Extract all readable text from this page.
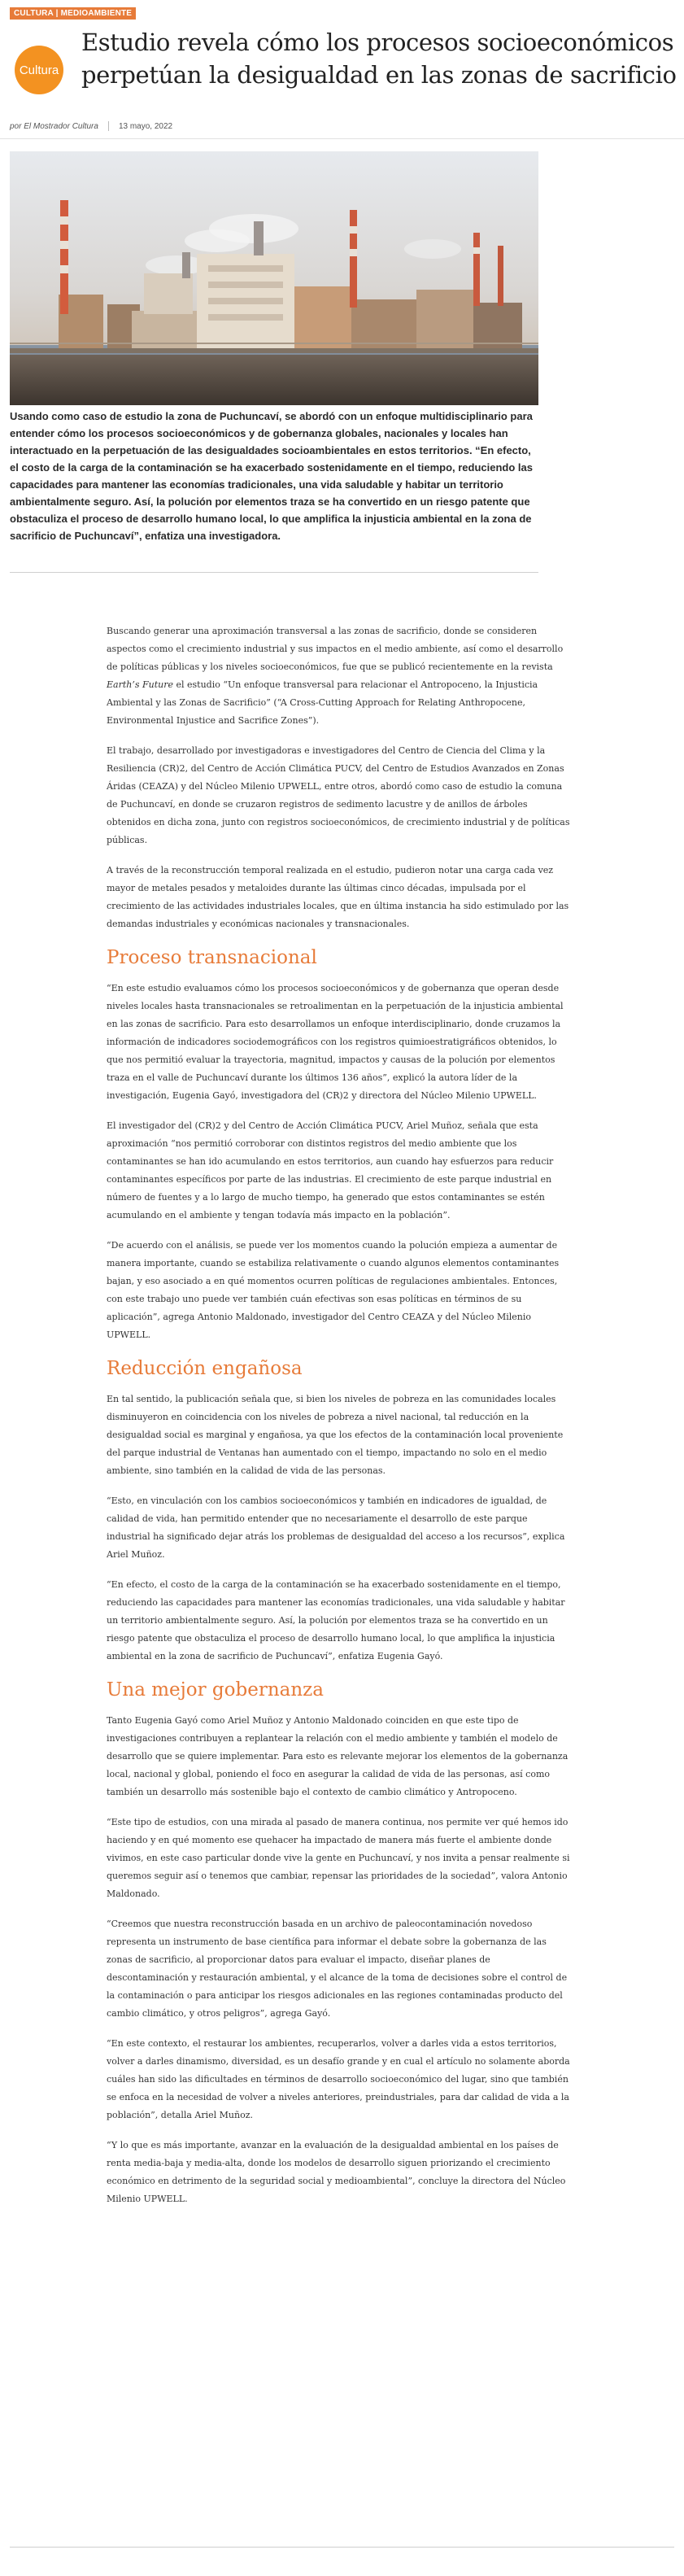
CULTURA | MEDIOAMBIENTE
Cultura
Estudio revela cómo los procesos socioeconómicos perpetúan la desigualdad en las zonas de sacrificio
por El Mostrador Cultura	13 mayo, 2022

Usando como caso de estudio la zona de Puchuncaví, se abordó con un enfoque multidisciplinario para entender cómo los procesos socioeconómicos y de gobernanza globales, nacionales y locales han interactuado en la perpetuación de las desigualdades socioambientales en estos territorios. “En efecto, el costo de la carga de la contaminación se ha exacerbado sostenidamente en el tiempo, reduciendo las capacidades para mantener las economías tradicionales, una vida saludable y habitar un territorio ambientalmente seguro. Así, la polución por elementos traza se ha convertido en un riesgo patente que obstaculiza el proceso de desarrollo humano local, lo que amplifica la injusticia ambiental en la zona de sacrificio de Puchuncaví”, enfatiza una investigadora.

Buscando generar una aproximación transversal a las zonas de sacrificio, donde se consideren aspectos como el crecimiento industrial y sus impactos en el medio ambiente, así como el desarrollo de políticas públicas y los niveles socioeconómicos, fue que se publicó recientemente en la revista Earth’s Future el estudio “Un enfoque transversal para relacionar el Antropoceno, la Injusticia Ambiental y las Zonas de Sacrificio” (“A Cross-Cutting Approach for Relating Anthropocene, Environmental Injustice and Sacrifice Zones”).

El trabajo, desarrollado por investigadoras e investigadores del Centro de Ciencia del Clima y la Resiliencia (CR)2, del Centro de Acción Climática PUCV, del Centro de Estudios Avanzados en Zonas Áridas (CEAZA) y del Núcleo Milenio UPWELL, entre otros, abordó como caso de estudio la comuna de Puchuncaví, en donde se cruzaron registros de sedimento lacustre y de anillos de árboles obtenidos en dicha zona, junto con registros socioeconómicos, de crecimiento industrial y de políticas públicas.

A través de la reconstrucción temporal realizada en el estudio, pudieron notar una carga cada vez mayor de metales pesados y metaloides durante las últimas cinco décadas, impulsada por el crecimiento de las actividades industriales locales, que en última instancia ha sido estimulado por las demandas industriales y económicas nacionales y transnacionales.

Proceso transnacional

“En este estudio evaluamos cómo los procesos socioeconómicos y de gobernanza que operan desde niveles locales hasta transnacionales se retroalimentan en la perpetuación de la injusticia ambiental en las zonas de sacrificio. Para esto desarrollamos un enfoque interdisciplinario, donde cruzamos la información de indicadores sociodemográficos con los registros quimioestratigráficos obtenidos, lo que nos permitió evaluar la trayectoria, magnitud, impactos y causas de la polución por elementos traza en el valle de Puchuncaví durante los últimos 136 años”, explicó la autora líder de la investigación, Eugenia Gayó, investigadora del (CR)2 y directora del Núcleo Milenio UPWELL.

El investigador del (CR)2 y del Centro de Acción Climática PUCV, Ariel Muñoz, señala que esta aproximación “nos permitió corroborar con distintos registros del medio ambiente que los contaminantes se han ido acumulando en estos territorios, aun cuando hay esfuerzos para reducir contaminantes específicos por parte de las industrias. El crecimiento de este parque industrial en número de fuentes y a lo largo de mucho tiempo, ha generado que estos contaminantes se estén acumulando en el ambiente y tengan todavía más impacto en la población”.

“De acuerdo con el análisis, se puede ver los momentos cuando la polución empieza a aumentar de manera importante, cuando se estabiliza relativamente o cuando algunos elementos contaminantes bajan, y eso asociado a en qué momentos ocurren políticas de regulaciones ambientales. Entonces, con este trabajo uno puede ver también cuán efectivas son esas políticas en términos de su aplicación”, agrega Antonio Maldonado, investigador del Centro CEAZA y del Núcleo Milenio UPWELL.

Reducción engañosa

En tal sentido, la publicación señala que, si bien los niveles de pobreza en las comunidades locales disminuyeron en coincidencia con los niveles de pobreza a nivel nacional, tal reducción en la desigualdad social es marginal y engañosa, ya que los efectos de la contaminación local proveniente del parque industrial de Ventanas han aumentado con el tiempo, impactando no solo en el medio ambiente, sino también en la calidad de vida de las personas.

“Esto, en vinculación con los cambios socioeconómicos y también en indicadores de igualdad, de calidad de vida, han permitido entender que no necesariamente el desarrollo de este parque industrial ha significado dejar atrás los problemas de desigualdad del acceso a los recursos”, explica Ariel Muñoz.

“En efecto, el costo de la carga de la contaminación se ha exacerbado sostenidamente en el tiempo, reduciendo las capacidades para mantener las economías tradicionales, una vida saludable y habitar un territorio ambientalmente seguro. Así, la polución por elementos traza se ha convertido en un riesgo patente que obstaculiza el proceso de desarrollo humano local, lo que amplifica la injusticia ambiental en la zona de sacrificio de Puchuncaví”, enfatiza Eugenia Gayó.

Una mejor gobernanza

Tanto Eugenia Gayó como Ariel Muñoz y Antonio Maldonado coinciden en que este tipo de investigaciones contribuyen a replantear la relación con el medio ambiente y también el modelo de desarrollo que se quiere implementar. Para esto es relevante mejorar los elementos de la gobernanza local, nacional y global, poniendo el foco en asegurar la calidad de vida de las personas, así como también un desarrollo más sostenible bajo el contexto de cambio climático y Antropoceno.

“Este tipo de estudios, con una mirada al pasado de manera continua, nos permite ver qué hemos ido haciendo y en qué momento ese quehacer ha impactado de manera más fuerte el ambiente donde vivimos, en este caso particular donde vive la gente en Puchuncaví, y nos invita a pensar realmente si queremos seguir así o tenemos que cambiar, repensar las prioridades de la sociedad”, valora Antonio Maldonado.

“Creemos que nuestra reconstrucción basada en un archivo de paleocontaminación novedoso representa un instrumento de base científica para informar el debate sobre la gobernanza de las zonas de sacrificio, al proporcionar datos para evaluar el impacto, diseñar planes de descontaminación y restauración ambiental, y el alcance de la toma de decisiones sobre el control de la contaminación o para anticipar los riesgos adicionales en las regiones contaminadas producto del cambio climático, y otros peligros”, agrega Gayó.

“En este contexto, el restaurar los ambientes, recuperarlos, volver a darles vida a estos territorios, volver a darles dinamismo, diversidad, es un desafío grande y en cual el artículo no solamente aborda cuáles han sido las dificultades en términos de desarrollo socioeconómico del lugar, sino que también se enfoca en la necesidad de volver a niveles anteriores, preindustriales, para dar calidad de vida a la población”, detalla Ariel Muñoz.

“Y lo que es más importante, avanzar en la evaluación de la desigualdad ambiental en los países de renta media-baja y media-alta, donde los modelos de desarrollo siguen priorizando el crecimiento económico en detrimento de la seguridad social y medioambiental”, concluye la directora del Núcleo Milenio UPWELL.
